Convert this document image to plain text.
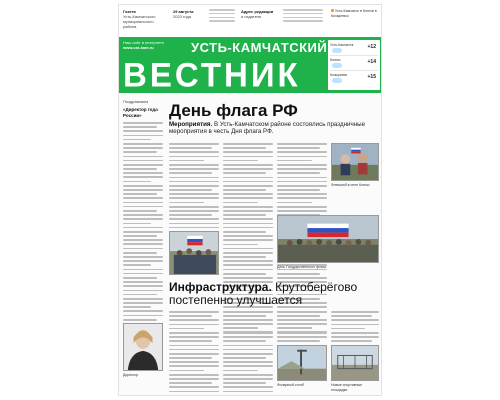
Газета
Усть-Камчатского муниципального района
29 августа
2023 года
Адрес редакции
и издателя
Усть-Камчатск ● Ключи ● Козыревск
Наш сайт в интернете
www.ust-kam.ru	УСТЬ-КАМЧАТСКИЙ
ВЕСТНИК
Усть-Камчатск	+12
Ключи	+14
Козыревск	+15
Поздравляем
«Директор года России»	День флага РФ
Мероприятия. В Усть-Камчатском районе состоялись праздничные мероприятия в честь Дня флага РФ.
Флешмоб в селе Ключи
День Государственного флага
Инфраструктура. Крутоберёгово постепенно улучшается
Директор
Фонарный столб	Новые спортивные площадки
